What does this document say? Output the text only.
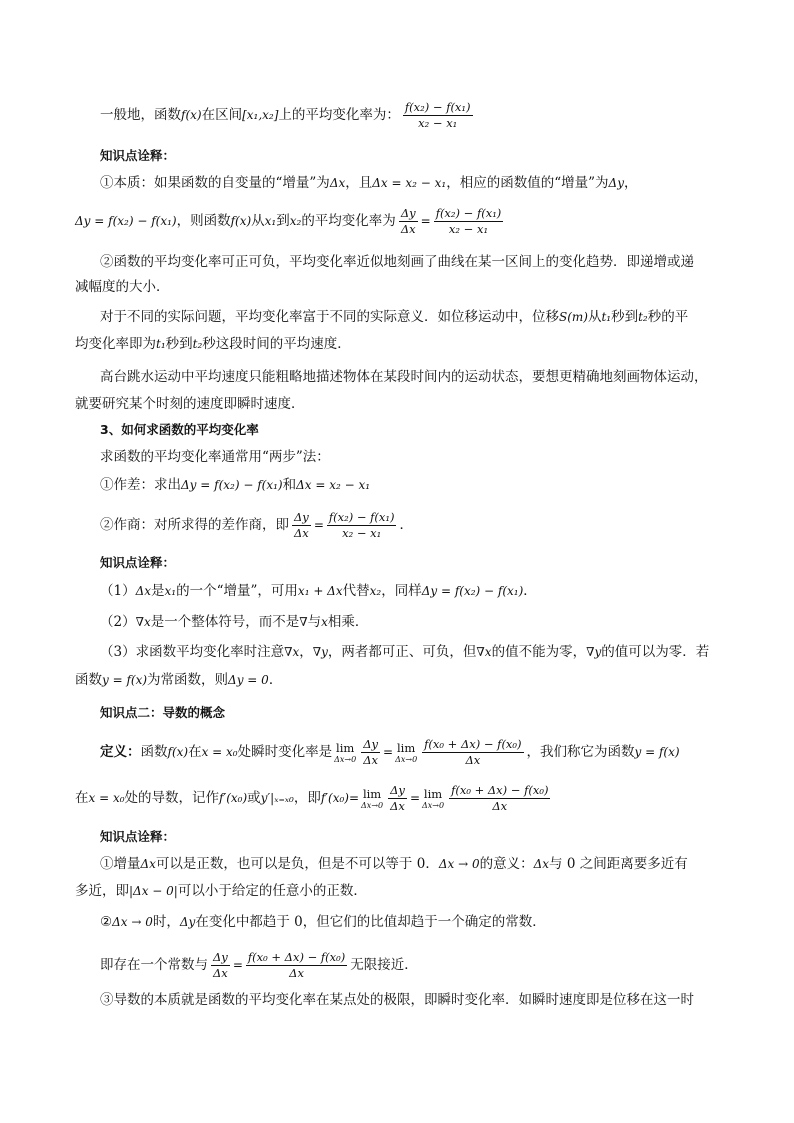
一般地，函数f(x)在区间[x₁,x₂]上的平均变化率为： $\frac{\text{f(x₂) − f(x₁)}}{\text{x₂ − x₁}}$
知识点诠释：
①本质：如果函数的自变量的“增量”为Δx，且Δx = x₂ − x₁，相应的函数值的“增量”为Δy，
Δy = f(x₂) − f(x₁)，则函数f(x)从x₁到x₂的平均变化率为 $\frac{\Delta y}{\Delta x} = \frac{\text{f(x₂) − f(x₁)}}{\text{x₂ − x₁}}$
②函数的平均变化率可正可负，平均变化率近似地刻画了曲线在某一区间上的变化趋势．即递增或递
减幅度的大小．
对于不同的实际问题，平均变化率富于不同的实际意义．如位移运动中，位移S(m)从t₁秒到t₂秒的平
均变化率即为t₁秒到t₂秒这段时间的平均速度．
高台跳水运动中平均速度只能粗略地描述物体在某段时间内的运动状态，要想更精确地刻画物体运动，
就要研究某个时刻的速度即瞬时速度．
3、如何求函数的平均变化率
求函数的平均变化率通常用“两步”法：
①作差：求出Δy = f(x₂) − f(x₁)和Δx = x₂ − x₁
②作商：对所求得的差作商，即 $\frac{\Delta y}{\Delta x} = \frac{\text{f(x₂) − f(x₁)}}{\text{x₂ − x₁}}$ ．
知识点诠释：
（1）Δx是x₁的一个“增量”，可用x₁ + Δx代替x₂，同样Δy = f(x₂) − f(x₁)．
（2）∇x是一个整体符号，而不是∇与x相乘．
（3）求函数平均变化率时注意∇x，∇y，两者都可正、可负，但∇x的值不能为零，∇y的值可以为零．若
函数y = f(x)为常函数，则Δy = 0．
知识点二：导数的概念
定义：函数f(x)在x = x₀处瞬时变化率是 lim
$\Delta x\to 0 \frac{\Delta y}{\Delta x} = \lim$
$\Delta x\to 0 \frac{\text{f(x₀ + Δx) − f(x₀)}}{\Delta x}$ ，我们称它为函数y = f(x)
在x = x₀处的导数，记作f′(x₀)或y′|ₓ₌ₓ₀，即f′(x₀)= lim
$\Delta x\to 0 \frac{\Delta y}{\Delta x} = \lim$
$\Delta x\to 0 \frac{\text{f(x₀ + Δx) − f(x₀)}}{\Delta x}$
知识点诠释：
①增量Δx可以是正数，也可以是负，但是不可以等于 0．Δx → 0的意义：Δx与 0 之间距离要多近有
多近，即|Δx − 0|可以小于给定的任意小的正数．
②Δx → 0时，Δy在变化中都趋于 0，但它们的比值却趋于一个确定的常数．
即存在一个常数与 $\frac{\Delta y}{\Delta x} = \frac{\text{f(x₀ + Δx) − f(x₀)}}{\Delta x}$ 无限接近．
③导数的本质就是函数的平均变化率在某点处的极限，即瞬时变化率．如瞬时速度即是位移在这一时
